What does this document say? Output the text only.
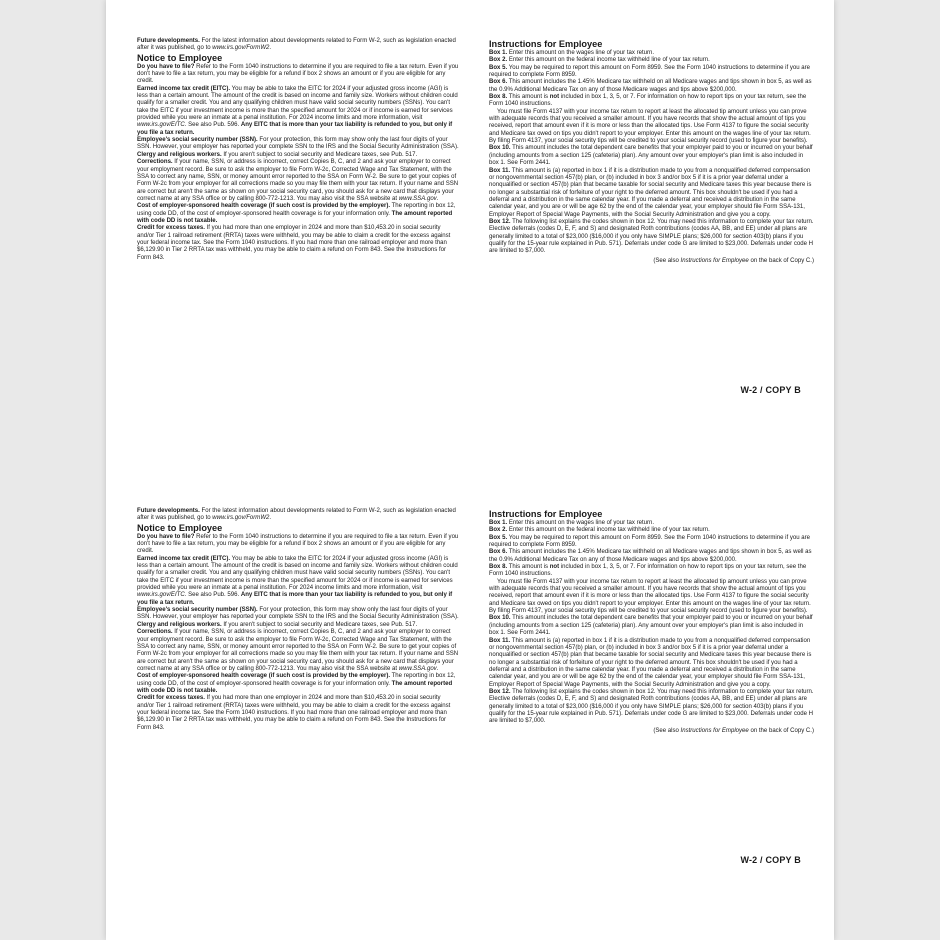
Future developments. For the latest information about developments related to Form W-2, such as legislation enacted after it was published, go to www.irs.gov/FormW2.

Notice to Employee

Do you have to file? Refer to the Form 1040 instructions to determine if you are required to file a tax return. Even if you don't have to file a tax return, you may be eligible for a refund if box 2 shows an amount or if you are eligible for any credit.

Earned income tax credit (EITC). You may be able to take the EITC for 2024 if your adjusted gross income (AGI) is less than a certain amount. The amount of the credit is based on income and family size. Workers without children could qualify for a smaller credit. You and any qualifying children must have valid social security numbers (SSNs). You can't take the EITC if your investment income is more than the specified amount for 2024 or if income is earned for services provided while you were an inmate at a penal institution. For 2024 income limits and more information, visit www.irs.gov/EITC. See also Pub. 596. Any EITC that is more than your tax liability is refunded to you, but only if you file a tax return.

Employee's social security number (SSN). For your protection, this form may show only the last four digits of your SSN. However, your employer has reported your complete SSN to the IRS and the Social Security Administration (SSA).

Clergy and religious workers. If you aren't subject to social security and Medicare taxes, see Pub. 517.

Corrections. If your name, SSN, or address is incorrect, correct Copies B, C, and 2 and ask your employer to correct your employment record. Be sure to ask the employer to file Form W-2c, Corrected Wage and Tax Statement, with the SSA to correct any name, SSN, or money amount error reported to the SSA on Form W-2. Be sure to get your copies of Form W-2c from your employer for all corrections made so you may file them with your tax return. If your name and SSN are correct but aren't the same as shown on your social security card, you should ask for a new card that displays your correct name at any SSA office or by calling 800-772-1213. You may also visit the SSA website at www.SSA.gov.

Cost of employer-sponsored health coverage (if such cost is provided by the employer). The reporting in box 12, using code DD, of the cost of employer-sponsored health coverage is for your information only. The amount reported with code DD is not taxable.

Credit for excess taxes. If you had more than one employer in 2024 and more than $10,453.20 in social security and/or Tier 1 railroad retirement (RRTA) taxes were withheld, you may be able to claim a credit for the excess against your federal income tax. See the Form 1040 instructions. If you had more than one railroad employer and more than $6,129.90 in Tier 2 RRTA tax was withheld, you may be able to claim a refund on Form 843. See the Instructions for Form 843.

Instructions for Employee

Box 1. Enter this amount on the wages line of your tax return.

Box 2. Enter this amount on the federal income tax withheld line of your tax return.

Box 5. You may be required to report this amount on Form 8959. See the Form 1040 instructions to determine if you are required to complete Form 8959.

Box 6. This amount includes the 1.45% Medicare tax withheld on all Medicare wages and tips shown in box 5, as well as the 0.9% Additional Medicare Tax on any of those Medicare wages and tips above $200,000.

Box 8. This amount is not included in box 1, 3, 5, or 7. For information on how to report tips on your tax return, see the Form 1040 instructions.

You must file Form 4137 with your income tax return to report at least the allocated tip amount unless you can prove with adequate records that you received a smaller amount. If you have records that show the actual amount of tips you received, report that amount even if it is more or less than the allocated tips. Use Form 4137 to figure the social security and Medicare tax owed on tips you didn't report to your employer. Enter this amount on the wages line of your tax return. By filing Form 4137, your social security tips will be credited to your social security record (used to figure your benefits).

Box 10. This amount includes the total dependent care benefits that your employer paid to you or incurred on your behalf (including amounts from a section 125 (cafeteria) plan). Any amount over your employer's plan limit is also included in box 1. See Form 2441.

Box 11. This amount is (a) reported in box 1 if it is a distribution made to you from a nonqualified deferred compensation or nongovernmental section 457(b) plan, or (b) included in box 3 and/or box 5 if it is a prior year deferral under a nonqualified or section 457(b) plan that became taxable for social security and Medicare taxes this year because there is no longer a substantial risk of forfeiture of your right to the deferred amount. This box shouldn't be used if you had a deferral and a distribution in the same calendar year. If you made a deferral and received a distribution in the same calendar year, and you are or will be age 62 by the end of the calendar year, your employer should file Form SSA-131, Employer Report of Special Wage Payments, with the Social Security Administration and give you a copy.

Box 12. The following list explains the codes shown in box 12. You may need this information to complete your tax return. Elective deferrals (codes D, E, F, and S) and designated Roth contributions (codes AA, BB, and EE) under all plans are generally limited to a total of $23,000 ($16,000 if you only have SIMPLE plans; $26,000 for section 403(b) plans if you qualify for the 15-year rule explained in Pub. 571). Deferrals under code G are limited to $23,000. Deferrals under code H are limited to $7,000.

(See also Instructions for Employee on the back of Copy C.)

W-2 / COPY B

Future developments. For the latest information about developments related to Form W-2, such as legislation enacted after it was published, go to www.irs.gov/FormW2.

Notice to Employee

Do you have to file? Refer to the Form 1040 instructions to determine if you are required to file a tax return. Even if you don't have to file a tax return, you may be eligible for a refund if box 2 shows an amount or if you are eligible for any credit.

Earned income tax credit (EITC). You may be able to take the EITC for 2024 if your adjusted gross income (AGI) is less than a certain amount. The amount of the credit is based on income and family size. Workers without children could qualify for a smaller credit. You and any qualifying children must have valid social security numbers (SSNs). You can't take the EITC if your investment income is more than the specified amount for 2024 or if income is earned for services provided while you were an inmate at a penal institution. For 2024 income limits and more information, visit www.irs.gov/EITC. See also Pub. 596. Any EITC that is more than your tax liability is refunded to you, but only if you file a tax return.

Employee's social security number (SSN). For your protection, this form may show only the last four digits of your SSN. However, your employer has reported your complete SSN to the IRS and the Social Security Administration (SSA).

Clergy and religious workers. If you aren't subject to social security and Medicare taxes, see Pub. 517.

Corrections. If your name, SSN, or address is incorrect, correct Copies B, C, and 2 and ask your employer to correct your employment record. Be sure to ask the employer to file Form W-2c, Corrected Wage and Tax Statement, with the SSA to correct any name, SSN, or money amount error reported to the SSA on Form W-2. Be sure to get your copies of Form W-2c from your employer for all corrections made so you may file them with your tax return. If your name and SSN are correct but aren't the same as shown on your social security card, you should ask for a new card that displays your correct name at any SSA office or by calling 800-772-1213. You may also visit the SSA website at www.SSA.gov.

Cost of employer-sponsored health coverage (if such cost is provided by the employer). The reporting in box 12, using code DD, of the cost of employer-sponsored health coverage is for your information only. The amount reported with code DD is not taxable.

Credit for excess taxes. If you had more than one employer in 2024 and more than $10,453.20 in social security and/or Tier 1 railroad retirement (RRTA) taxes were withheld, you may be able to claim a credit for the excess against your federal income tax. See the Form 1040 instructions. If you had more than one railroad employer and more than $6,129.90 in Tier 2 RRTA tax was withheld, you may be able to claim a refund on Form 843. See the Instructions for Form 843.

Instructions for Employee

Box 1. Enter this amount on the wages line of your tax return.

Box 2. Enter this amount on the federal income tax withheld line of your tax return.

Box 5. You may be required to report this amount on Form 8959. See the Form 1040 instructions to determine if you are required to complete Form 8959.

Box 6. This amount includes the 1.45% Medicare tax withheld on all Medicare wages and tips shown in box 5, as well as the 0.9% Additional Medicare Tax on any of those Medicare wages and tips above $200,000.

Box 8. This amount is not included in box 1, 3, 5, or 7. For information on how to report tips on your tax return, see the Form 1040 instructions.

You must file Form 4137 with your income tax return to report at least the allocated tip amount unless you can prove with adequate records that you received a smaller amount. If you have records that show the actual amount of tips you received, report that amount even if it is more or less than the allocated tips. Use Form 4137 to figure the social security and Medicare tax owed on tips you didn't report to your employer. Enter this amount on the wages line of your tax return. By filing Form 4137, your social security tips will be credited to your social security record (used to figure your benefits).

Box 10. This amount includes the total dependent care benefits that your employer paid to you or incurred on your behalf (including amounts from a section 125 (cafeteria) plan). Any amount over your employer's plan limit is also included in box 1. See Form 2441.

Box 11. This amount is (a) reported in box 1 if it is a distribution made to you from a nonqualified deferred compensation or nongovernmental section 457(b) plan, or (b) included in box 3 and/or box 5 if it is a prior year deferral under a nonqualified or section 457(b) plan that became taxable for social security and Medicare taxes this year because there is no longer a substantial risk of forfeiture of your right to the deferred amount. This box shouldn't be used if you had a deferral and a distribution in the same calendar year. If you made a deferral and received a distribution in the same calendar year, and you are or will be age 62 by the end of the calendar year, your employer should file Form SSA-131, Employer Report of Special Wage Payments, with the Social Security Administration and give you a copy.

Box 12. The following list explains the codes shown in box 12. You may need this information to complete your tax return. Elective deferrals (codes D, E, F, and S) and designated Roth contributions (codes AA, BB, and EE) under all plans are generally limited to a total of $23,000 ($16,000 if you only have SIMPLE plans; $26,000 for section 403(b) plans if you qualify for the 15-year rule explained in Pub. 571). Deferrals under code G are limited to $23,000. Deferrals under code H are limited to $7,000.

(See also Instructions for Employee on the back of Copy C.)

W-2 / COPY B
